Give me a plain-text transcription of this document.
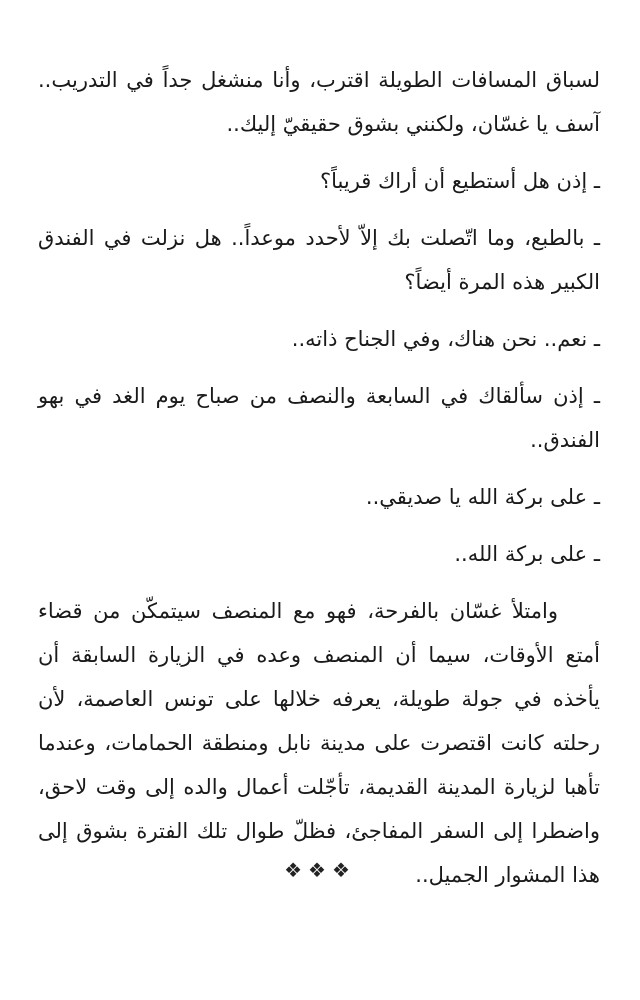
لسباق المسافات الطويلة اقترب، وأنا منشغل جداً في التدريب.. آسف يا غسّان، ولكنني بشوق حقيقيّ إليك..

ـ إذن هل أستطيع أن أراك قريباً؟

ـ بالطبع، وما اتّصلت بك إلاّ لأحدد موعداً.. هل نزلت في الفندق الكبير هذه المرة أيضاً؟

ـ نعم.. نحن هناك، وفي الجناح ذاته..

ـ إذن سألقاك في السابعة والنصف من صباح يوم الغد في بهو الفندق..

ـ على بركة الله يا صديقي..

ـ على بركة الله..

وامتلأ غسّان بالفرحة، فهو مع المنصف سيتمكّن من قضاء أمتع الأوقات، سيما أن المنصف وعده في الزيارة السابقة أن يأخذه في جولة طويلة، يعرفه خلالها على تونس العاصمة، لأن رحلته كانت اقتصرت على مدينة نابل ومنطقة الحمامات، وعندما تأهبا لزيارة المدينة القديمة، تأجّلت أعمال والده إلى وقت لاحق، واضطرا إلى السفر المفاجئ، فظلّ طوال تلك الفترة بشوق إلى هذا المشوار الجميل..

❖❖❖
